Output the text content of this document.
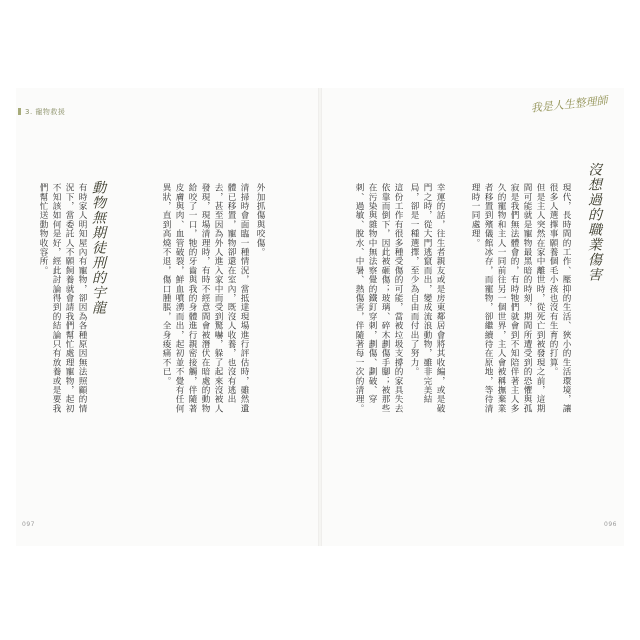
3. 寵物救援	我是人生整理師
沒想過的職業傷害
現代，長時間的工作、壓抑的生活、狹小的生活環境，讓很多人選擇事願養個毛小孩也沒有生育的打算。
但是主人突然在家中離世時，從死亡到被發現之前，這期間可能就是寵物最黑暗的時刻，期間所遭受到的恐懼與孤寂是我們無法體會的，有時牠們就會到不知陪伴著主人多久的寵物和主人一同前往另一個世界，主人會被稱撫棄業者移置到殯儀館冰存，而寵物，卻繼續待在原地，等待清理時一同處理。
幸運的話，往生者親友或是房東鄰居會將其收編，或是破門之時，從大門逃竄而出，變成流浪動物，雖非完美結局，卻是一種選擇，至少為自由而付出了努力。
這份工作有很多種受傷的可能，當被垃圾支撐的家具失去依靠而倒下，因此被砸傷；玻璃、碎木劃傷手腳；被那些在污染與雜物中無法察覺的鐵釘穿刺，劃傷、劃破、穿刺、過敏、脫水、中暑、熱傷害，伴隨著每一次的清理。
外加抓傷與咬傷。
清掃時會面臨一種情況，當抵達現場進行評估時，雖然遺體已移置，寵物卻還在室內，既沒人收養，也沒有逃出去，甚至因為外人進入家中而受到驚嚇，躲了起來沒被人發現，現場清理時，有時不經意間會被潛伏在暗處的動物給咬了一口，牠的牙齒與我的身體進行親密接觸，伴隨著皮膚與肉、血管破裂，鮮血噴湧而出，起初並不覺有任何異狀，直到高燒不退，傷口腫脹，全身痠痛不已。
動物無期徒刑的宇龍
有時家人明知屋內有寵物，卻因為各種原因無法照顧的情況下，當委託人不願飼養就會請我們幫忙處理寵物，起初不知該如何是好，經此討論得到的結論只有放養或是要我們幫忙送動物收容所。
097	096
